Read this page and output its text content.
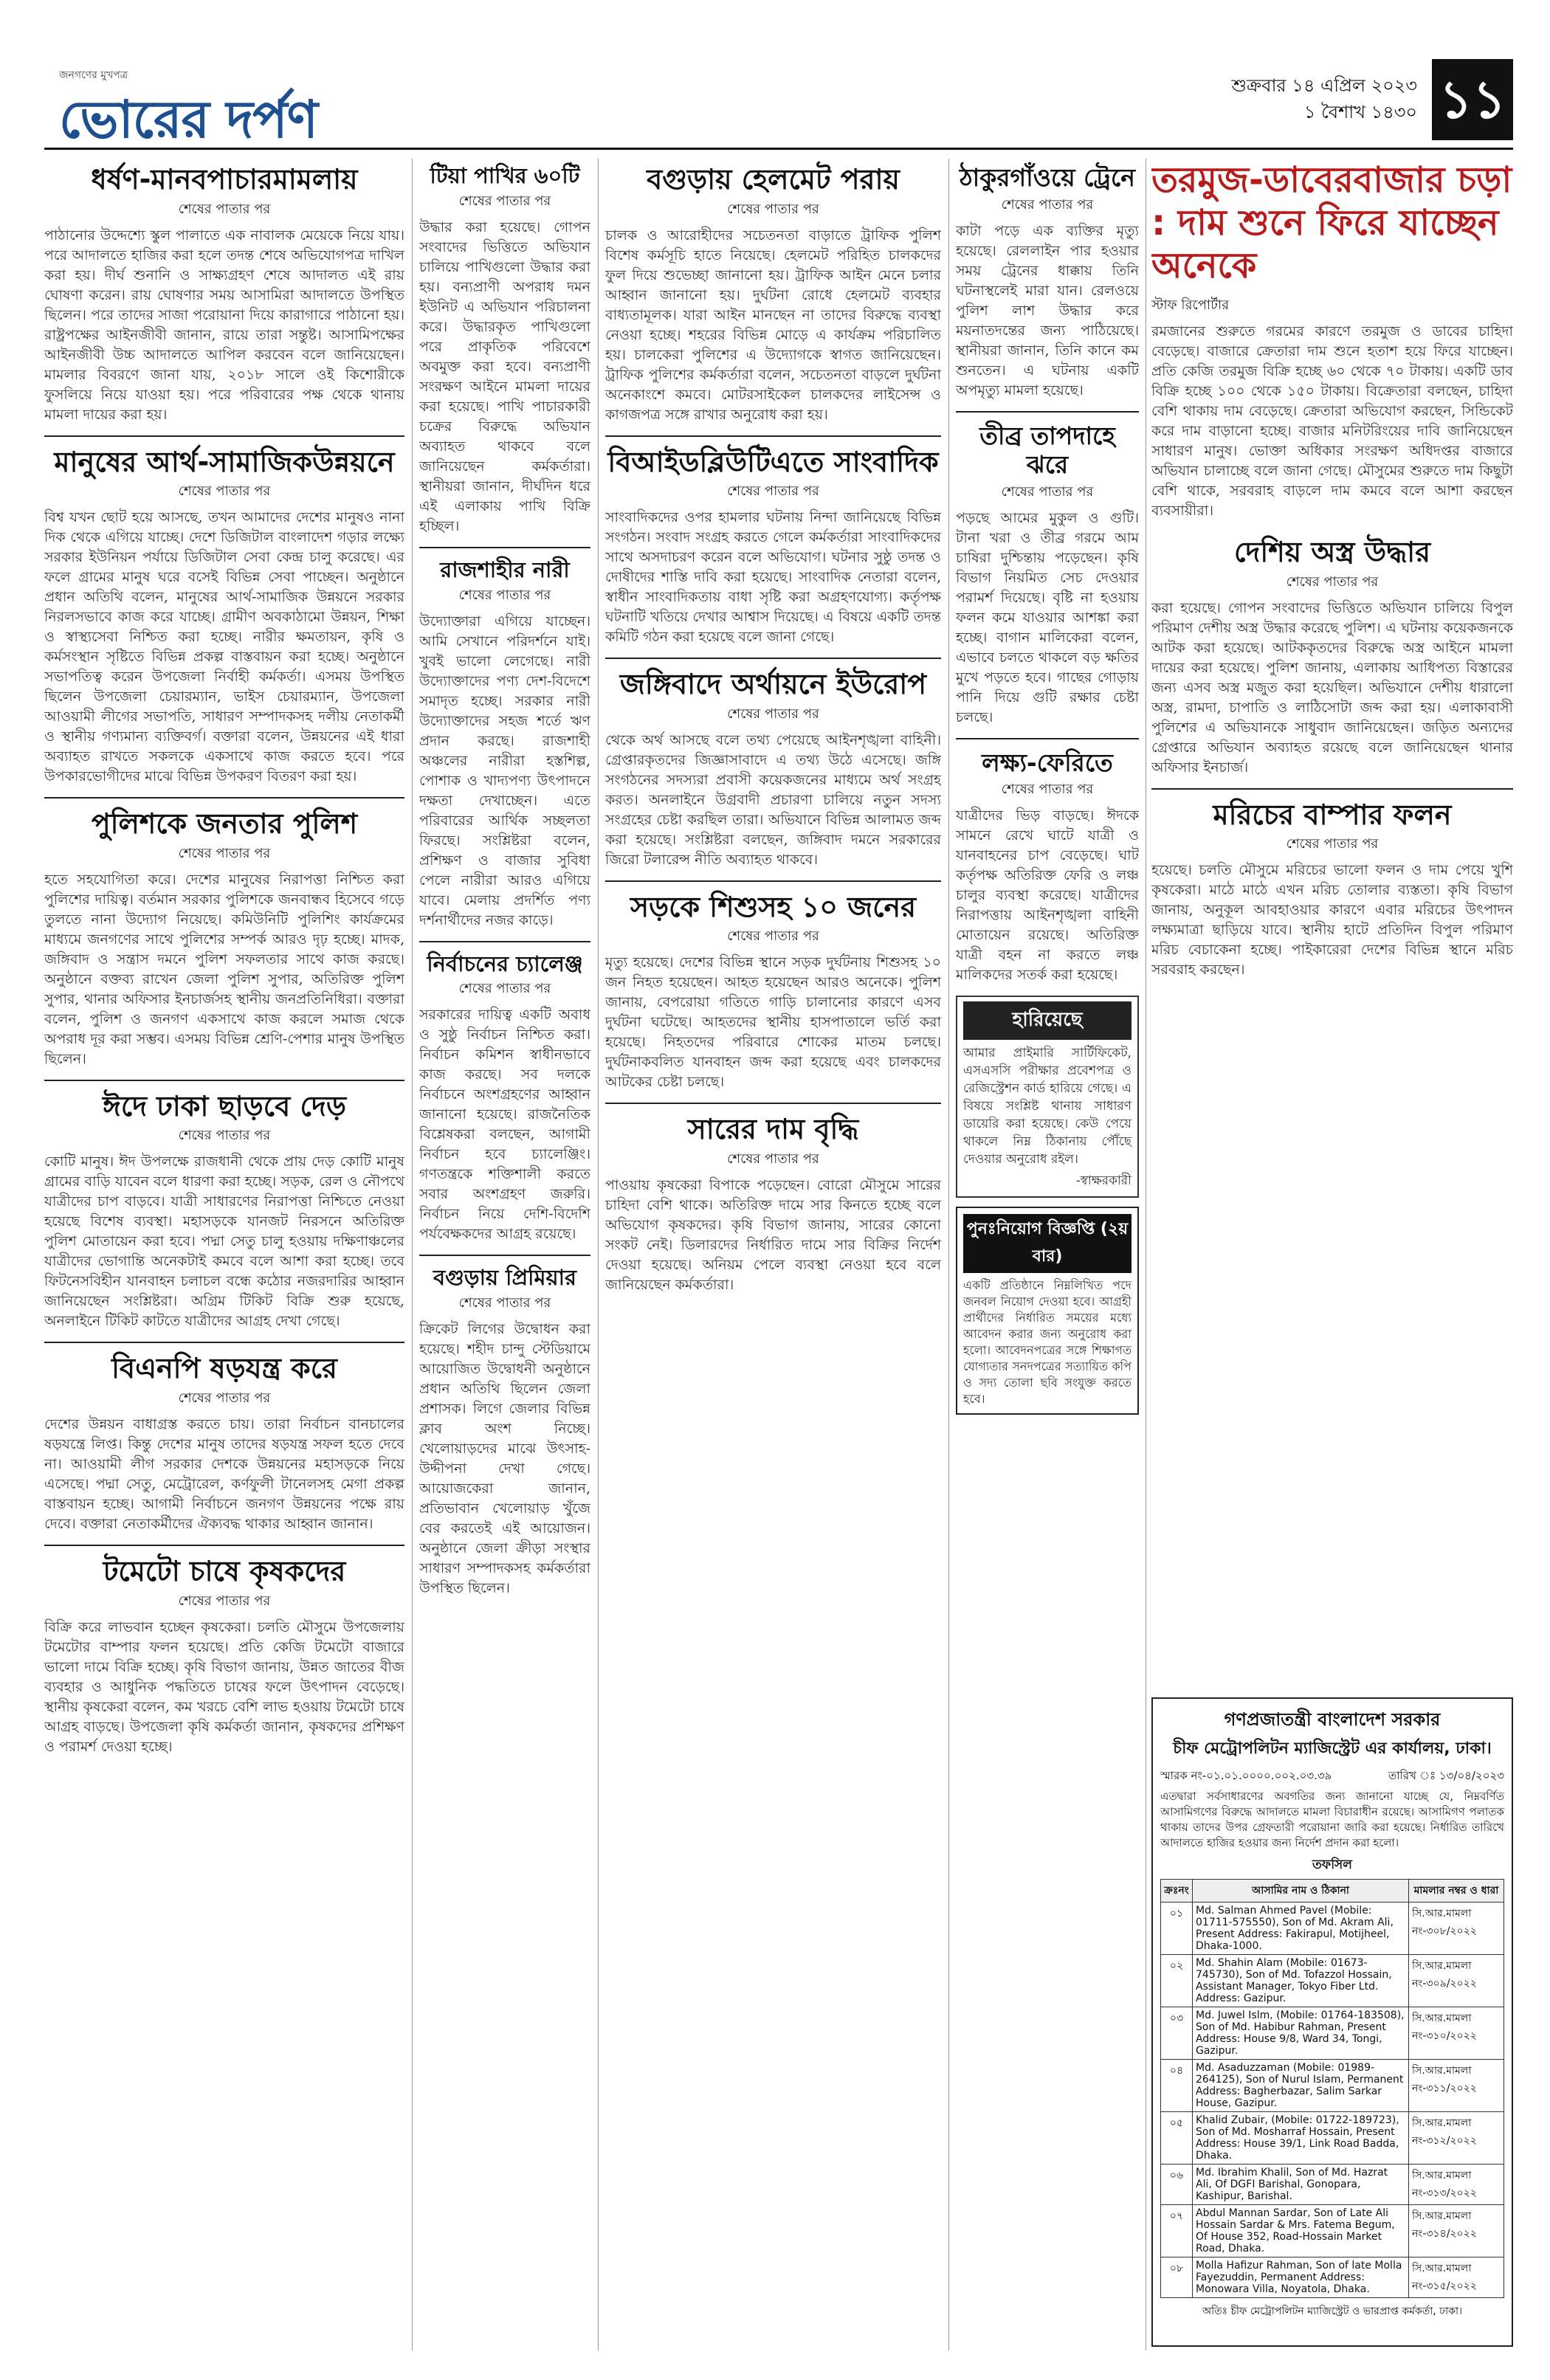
জনগণের মুখপত্র
ভোরের দর্পণ
শুক্রবার ১৪ এপ্রিল ২০২৩
১ বৈশাখ ১৪৩০ ১১
ধর্ষণ-মানবপাচারমামলায়
শেষের পাতার পর

পাঠানোর উদ্দেশ্যে স্কুল পালাতে এক নাবালক মেয়েকে নিয়ে যায়। পরে আদালতে হাজির করা হলে তদন্ত শেষে অভিযোগপত্র দাখিল করা হয়। দীর্ঘ শুনানি ও সাক্ষ্যগ্রহণ শেষে আদালত এই রায় ঘোষণা করেন। রায় ঘোষণার সময় আসামিরা আদালতে উপস্থিত ছিলেন। পরে তাদের সাজা পরোয়ানা দিয়ে কারাগারে পাঠানো হয়। রাষ্ট্রপক্ষের আইনজীবী জানান, রায়ে তারা সন্তুষ্ট। আসামিপক্ষের আইনজীবী উচ্চ আদালতে আপিল করবেন বলে জানিয়েছেন। মামলার বিবরণে জানা যায়, ২০১৮ সালে ওই কিশোরীকে ফুসলিয়ে নিয়ে যাওয়া হয়। পরে পরিবারের পক্ষ থেকে থানায় মামলা দায়ের করা হয়।

মানুষের আর্থ-সামাজিকউন্নয়নে
শেষের পাতার পর

বিশ্ব যখন ছোট হয়ে আসছে, তখন আমাদের দেশের মানুষও নানা দিক থেকে এগিয়ে যাচ্ছে। দেশে ডিজিটাল বাংলাদেশ গড়ার লক্ষ্যে সরকার ইউনিয়ন পর্যায়ে ডিজিটাল সেবা কেন্দ্র চালু করেছে। এর ফলে গ্রামের মানুষ ঘরে বসেই বিভিন্ন সেবা পাচ্ছেন। অনুষ্ঠানে প্রধান অতিথি বলেন, মানুষের আর্থ-সামাজিক উন্নয়নে সরকার নিরলসভাবে কাজ করে যাচ্ছে। গ্রামীণ অবকাঠামো উন্নয়ন, শিক্ষা ও স্বাস্থ্যসেবা নিশ্চিত করা হচ্ছে। নারীর ক্ষমতায়ন, কৃষি ও কর্মসংস্থান সৃষ্টিতে বিভিন্ন প্রকল্প বাস্তবায়ন করা হচ্ছে। অনুষ্ঠানে সভাপতিত্ব করেন উপজেলা নির্বাহী কর্মকর্তা। এসময় উপস্থিত ছিলেন উপজেলা চেয়ারম্যান, ভাইস চেয়ারম্যান, উপজেলা আওয়ামী লীগের সভাপতি, সাধারণ সম্পাদকসহ দলীয় নেতাকর্মী ও স্থানীয় গণ্যমান্য ব্যক্তিবর্গ। বক্তারা বলেন, উন্নয়নের এই ধারা অব্যাহত রাখতে সকলকে একসাথে কাজ করতে হবে। পরে উপকারভোগীদের মাঝে বিভিন্ন উপকরণ বিতরণ করা হয়।

পুলিশকে জনতার পুলিশ
শেষের পাতার পর

হতে সহযোগিতা করে। দেশের মানুষের নিরাপত্তা নিশ্চিত করা পুলিশের দায়িত্ব। বর্তমান সরকার পুলিশকে জনবান্ধব হিসেবে গড়ে তুলতে নানা উদ্যোগ নিয়েছে। কমিউনিটি পুলিশিং কার্যক্রমের মাধ্যমে জনগণের সাথে পুলিশের সম্পর্ক আরও দৃঢ় হচ্ছে। মাদক, জঙ্গিবাদ ও সন্ত্রাস দমনে পুলিশ সফলতার সাথে কাজ করছে। অনুষ্ঠানে বক্তব্য রাখেন জেলা পুলিশ সুপার, অতিরিক্ত পুলিশ সুপার, থানার অফিসার ইনচার্জসহ স্থানীয় জনপ্রতিনিধিরা। বক্তারা বলেন, পুলিশ ও জনগণ একসাথে কাজ করলে সমাজ থেকে অপরাধ দূর করা সম্ভব। এসময় বিভিন্ন শ্রেণি-পেশার মানুষ উপস্থিত ছিলেন।

ঈদে ঢাকা ছাড়বে দেড়
শেষের পাতার পর

কোটি মানুষ। ঈদ উপলক্ষে রাজধানী থেকে প্রায় দেড় কোটি মানুষ গ্রামের বাড়ি যাবেন বলে ধারণা করা হচ্ছে। সড়ক, রেল ও নৌপথে যাত্রীদের চাপ বাড়বে। যাত্রী সাধারণের নিরাপত্তা নিশ্চিতে নেওয়া হয়েছে বিশেষ ব্যবস্থা। মহাসড়কে যানজট নিরসনে অতিরিক্ত পুলিশ মোতায়েন করা হবে। পদ্মা সেতু চালু হওয়ায় দক্ষিণাঞ্চলের যাত্রীদের ভোগান্তি অনেকটাই কমবে বলে আশা করা হচ্ছে। তবে ফিটনেসবিহীন যানবাহন চলাচল বন্ধে কঠোর নজরদারির আহ্বান জানিয়েছেন সংশ্লিষ্টরা। অগ্রিম টিকিট বিক্রি শুরু হয়েছে, অনলাইনে টিকিট কাটতে যাত্রীদের আগ্রহ দেখা গেছে।

বিএনপি ষড়যন্ত্র করে
শেষের পাতার পর

দেশের উন্নয়ন বাধাগ্রস্ত করতে চায়। তারা নির্বাচন বানচালের ষড়যন্ত্রে লিপ্ত। কিন্তু দেশের মানুষ তাদের ষড়যন্ত্র সফল হতে দেবে না। আওয়ামী লীগ সরকার দেশকে উন্নয়নের মহাসড়কে নিয়ে এসেছে। পদ্মা সেতু, মেট্রোরেল, কর্ণফুলী টানেলসহ মেগা প্রকল্প বাস্তবায়ন হচ্ছে। আগামী নির্বাচনে জনগণ উন্নয়নের পক্ষে রায় দেবে। বক্তারা নেতাকর্মীদের ঐক্যবদ্ধ থাকার আহ্বান জানান।

টমেটো চাষে কৃষকদের
শেষের পাতার পর

বিক্রি করে লাভবান হচ্ছেন কৃষকেরা। চলতি মৌসুমে উপজেলায় টমেটোর বাম্পার ফলন হয়েছে। প্রতি কেজি টমেটো বাজারে ভালো দামে বিক্রি হচ্ছে। কৃষি বিভাগ জানায়, উন্নত জাতের বীজ ব্যবহার ও আধুনিক পদ্ধতিতে চাষের ফলে উৎপাদন বেড়েছে। স্থানীয় কৃষকেরা বলেন, কম খরচে বেশি লাভ হওয়ায় টমেটো চাষে আগ্রহ বাড়ছে। উপজেলা কৃষি কর্মকর্তা জানান, কৃষকদের প্রশিক্ষণ ও পরামর্শ দেওয়া হচ্ছে।

টিয়া পাখির ৬০টি
শেষের পাতার পর

উদ্ধার করা হয়েছে। গোপন সংবাদের ভিত্তিতে অভিযান চালিয়ে পাখিগুলো উদ্ধার করা হয়। বন্যপ্রাণী অপরাধ দমন ইউনিট এ অভিযান পরিচালনা করে। উদ্ধারকৃত পাখিগুলো পরে প্রাকৃতিক পরিবেশে অবমুক্ত করা হবে। বন্যপ্রাণী সংরক্ষণ আইনে মামলা দায়ের করা হয়েছে। পাখি পাচারকারী চক্রের বিরুদ্ধে অভিযান অব্যাহত থাকবে বলে জানিয়েছেন কর্মকর্তারা। স্থানীয়রা জানান, দীর্ঘদিন ধরে এই এলাকায় পাখি বিক্রি হচ্ছিল।

রাজশাহীর নারী
শেষের পাতার পর

উদ্যোক্তারা এগিয়ে যাচ্ছেন। আমি সেখানে পরিদর্শনে যাই। খুবই ভালো লেগেছে। নারী উদ্যোক্তাদের পণ্য দেশ-বিদেশে সমাদৃত হচ্ছে। সরকার নারী উদ্যোক্তাদের সহজ শর্তে ঋণ প্রদান করছে। রাজশাহী অঞ্চলের নারীরা হস্তশিল্প, পোশাক ও খাদ্যপণ্য উৎপাদনে দক্ষতা দেখাচ্ছেন। এতে পরিবারের আর্থিক সচ্ছলতা ফিরছে। সংশ্লিষ্টরা বলেন, প্রশিক্ষণ ও বাজার সুবিধা পেলে নারীরা আরও এগিয়ে যাবে। মেলায় প্রদর্শিত পণ্য দর্শনার্থীদের নজর কাড়ে।

নির্বাচনের চ্যালেঞ্জ
শেষের পাতার পর

সরকারের দায়িত্ব একটি অবাধ ও সুষ্ঠু নির্বাচন নিশ্চিত করা। নির্বাচন কমিশন স্বাধীনভাবে কাজ করছে। সব দলকে নির্বাচনে অংশগ্রহণের আহ্বান জানানো হয়েছে। রাজনৈতিক বিশ্লেষকরা বলছেন, আগামী নির্বাচন হবে চ্যালেঞ্জিং। গণতন্ত্রকে শক্তিশালী করতে সবার অংশগ্রহণ জরুরি। নির্বাচন নিয়ে দেশি-বিদেশি পর্যবেক্ষকদের আগ্রহ রয়েছে।

বগুড়ায় প্রিমিয়ার
শেষের পাতার পর

ক্রিকেট লিগের উদ্বোধন করা হয়েছে। শহীদ চান্দু স্টেডিয়ামে আয়োজিত উদ্বোধনী অনুষ্ঠানে প্রধান অতিথি ছিলেন জেলা প্রশাসক। লিগে জেলার বিভিন্ন ক্লাব অংশ নিচ্ছে। খেলোয়াড়দের মাঝে উৎসাহ-উদ্দীপনা দেখা গেছে। আয়োজকেরা জানান, প্রতিভাবান খেলোয়াড় খুঁজে বের করতেই এই আয়োজন। অনুষ্ঠানে জেলা ক্রীড়া সংস্থার সাধারণ সম্পাদকসহ কর্মকর্তারা উপস্থিত ছিলেন।

বগুড়ায় হেলমেট পরায়
শেষের পাতার পর

চালক ও আরোহীদের সচেতনতা বাড়াতে ট্রাফিক পুলিশ বিশেষ কর্মসূচি হাতে নিয়েছে। হেলমেট পরিহিত চালকদের ফুল দিয়ে শুভেচ্ছা জানানো হয়। ট্রাফিক আইন মেনে চলার আহ্বান জানানো হয়। দুর্ঘটনা রোধে হেলমেট ব্যবহার বাধ্যতামূলক। যারা আইন মানছেন না তাদের বিরুদ্ধে ব্যবস্থা নেওয়া হচ্ছে। শহরের বিভিন্ন মোড়ে এ কার্যক্রম পরিচালিত হয়। চালকেরা পুলিশের এ উদ্যোগকে স্বাগত জানিয়েছেন। ট্রাফিক পুলিশের কর্মকর্তারা বলেন, সচেতনতা বাড়লে দুর্ঘটনা অনেকাংশে কমবে। মোটরসাইকেল চালকদের লাইসেন্স ও কাগজপত্র সঙ্গে রাখার অনুরোধ করা হয়।

বিআইডব্লিউটিএতে সাংবাদিক
শেষের পাতার পর

সাংবাদিকদের ওপর হামলার ঘটনায় নিন্দা জানিয়েছে বিভিন্ন সংগঠন। সংবাদ সংগ্রহ করতে গেলে কর্মকর্তারা সাংবাদিকদের সাথে অসদাচরণ করেন বলে অভিযোগ। ঘটনার সুষ্ঠু তদন্ত ও দোষীদের শাস্তি দাবি করা হয়েছে। সাংবাদিক নেতারা বলেন, স্বাধীন সাংবাদিকতায় বাধা সৃষ্টি করা অগ্রহণযোগ্য। কর্তৃপক্ষ ঘটনাটি খতিয়ে দেখার আশ্বাস দিয়েছে। এ বিষয়ে একটি তদন্ত কমিটি গঠন করা হয়েছে বলে জানা গেছে।

জঙ্গিবাদে অর্থায়নে ইউরোপ
শেষের পাতার পর

থেকে অর্থ আসছে বলে তথ্য পেয়েছে আইনশৃঙ্খলা বাহিনী। গ্রেপ্তারকৃতদের জিজ্ঞাসাবাদে এ তথ্য উঠে এসেছে। জঙ্গি সংগঠনের সদস্যরা প্রবাসী কয়েকজনের মাধ্যমে অর্থ সংগ্রহ করত। অনলাইনে উগ্রবাদী প্রচারণা চালিয়ে নতুন সদস্য সংগ্রহের চেষ্টা করছিল তারা। অভিযানে বিভিন্ন আলামত জব্দ করা হয়েছে। সংশ্লিষ্টরা বলছেন, জঙ্গিবাদ দমনে সরকারের জিরো টলারেন্স নীতি অব্যাহত থাকবে।

সড়কে শিশুসহ ১০ জনের
শেষের পাতার পর

মৃত্যু হয়েছে। দেশের বিভিন্ন স্থানে সড়ক দুর্ঘটনায় শিশুসহ ১০ জন নিহত হয়েছেন। আহত হয়েছেন আরও অনেকে। পুলিশ জানায়, বেপরোয়া গতিতে গাড়ি চালানোর কারণে এসব দুর্ঘটনা ঘটেছে। আহতদের স্থানীয় হাসপাতালে ভর্তি করা হয়েছে। নিহতদের পরিবারে শোকের মাতম চলছে। দুর্ঘটনাকবলিত যানবাহন জব্দ করা হয়েছে এবং চালকদের আটকের চেষ্টা চলছে।

সারের দাম বৃদ্ধি
শেষের পাতার পর

পাওয়ায় কৃষকেরা বিপাকে পড়েছেন। বোরো মৌসুমে সারের চাহিদা বেশি থাকে। অতিরিক্ত দামে সার কিনতে হচ্ছে বলে অভিযোগ কৃষকদের। কৃষি বিভাগ জানায়, সারের কোনো সংকট নেই। ডিলারদের নির্ধারিত দামে সার বিক্রির নির্দেশ দেওয়া হয়েছে। অনিয়ম পেলে ব্যবস্থা নেওয়া হবে বলে জানিয়েছেন কর্মকর্তারা।

ঠাকুরগাঁওয়ে ট্রেনে
শেষের পাতার পর

কাটা পড়ে এক ব্যক্তির মৃত্যু হয়েছে। রেললাইন পার হওয়ার সময় ট্রেনের ধাক্কায় তিনি ঘটনাস্থলেই মারা যান। রেলওয়ে পুলিশ লাশ উদ্ধার করে ময়নাতদন্তের জন্য পাঠিয়েছে। স্থানীয়রা জানান, তিনি কানে কম শুনতেন। এ ঘটনায় একটি অপমৃত্যু মামলা হয়েছে।

তীব্র তাপদাহে ঝরে
শেষের পাতার পর

পড়ছে আমের মুকুল ও গুটি। টানা খরা ও তীব্র গরমে আম চাষিরা দুশ্চিন্তায় পড়েছেন। কৃষি বিভাগ নিয়মিত সেচ দেওয়ার পরামর্শ দিয়েছে। বৃষ্টি না হওয়ায় ফলন কমে যাওয়ার আশঙ্কা করা হচ্ছে। বাগান মালিকেরা বলেন, এভাবে চলতে থাকলে বড় ক্ষতির মুখে পড়তে হবে। গাছের গোড়ায় পানি দিয়ে গুটি রক্ষার চেষ্টা চলছে।

লক্ষ্য-ফেরিতে
শেষের পাতার পর

যাত্রীদের ভিড় বাড়ছে। ঈদকে সামনে রেখে ঘাটে যাত্রী ও যানবাহনের চাপ বেড়েছে। ঘাট কর্তৃপক্ষ অতিরিক্ত ফেরি ও লঞ্চ চালুর ব্যবস্থা করেছে। যাত্রীদের নিরাপত্তায় আইনশৃঙ্খলা বাহিনী মোতায়েন রয়েছে। অতিরিক্ত যাত্রী বহন না করতে লঞ্চ মালিকদের সতর্ক করা হয়েছে।

হারিয়েছে

আমার প্রাইমারি সার্টিফিকেট, এসএসসি পরীক্ষার প্রবেশপত্র ও রেজিস্ট্রেশন কার্ড হারিয়ে গেছে। এ বিষয়ে সংশ্লিষ্ট থানায় সাধারণ ডায়েরি করা হয়েছে। কেউ পেয়ে থাকলে নিম্ন ঠিকানায় পৌঁছে দেওয়ার অনুরোধ রইল।

-স্বাক্ষরকারী
পুনঃনিয়োগ বিজ্ঞপ্তি (২য় বার)

একটি প্রতিষ্ঠানে নিম্নলিখিত পদে জনবল নিয়োগ দেওয়া হবে। আগ্রহী প্রার্থীদের নির্ধারিত সময়ের মধ্যে আবেদন করার জন্য অনুরোধ করা হলো। আবেদনপত্রের সঙ্গে শিক্ষাগত যোগ্যতার সনদপত্রের সত্যায়িত কপি ও সদ্য তোলা ছবি সংযুক্ত করতে হবে।

তরমুজ-ডাবেরবাজার চড়া : দাম শুনে ফিরে যাচ্ছেন অনেকে
স্টাফ রিপোর্টার

রমজানের শুরুতে গরমের কারণে তরমুজ ও ডাবের চাহিদা বেড়েছে। বাজারে ক্রেতারা দাম শুনে হতাশ হয়ে ফিরে যাচ্ছেন। প্রতি কেজি তরমুজ বিক্রি হচ্ছে ৬০ থেকে ৭০ টাকায়। একটি ডাব বিক্রি হচ্ছে ১০০ থেকে ১৫০ টাকায়। বিক্রেতারা বলছেন, চাহিদা বেশি থাকায় দাম বেড়েছে। ক্রেতারা অভিযোগ করছেন, সিন্ডিকেট করে দাম বাড়ানো হচ্ছে। বাজার মনিটরিংয়ের দাবি জানিয়েছেন সাধারণ মানুষ। ভোক্তা অধিকার সংরক্ষণ অধিদপ্তর বাজারে অভিযান চালাচ্ছে বলে জানা গেছে। মৌসুমের শুরুতে দাম কিছুটা বেশি থাকে, সরবরাহ বাড়লে দাম কমবে বলে আশা করছেন ব্যবসায়ীরা।

দেশিয় অস্ত্র উদ্ধার
শেষের পাতার পর

করা হয়েছে। গোপন সংবাদের ভিত্তিতে অভিযান চালিয়ে বিপুল পরিমাণ দেশীয় অস্ত্র উদ্ধার করেছে পুলিশ। এ ঘটনায় কয়েকজনকে আটক করা হয়েছে। আটককৃতদের বিরুদ্ধে অস্ত্র আইনে মামলা দায়ের করা হয়েছে। পুলিশ জানায়, এলাকায় আধিপত্য বিস্তারের জন্য এসব অস্ত্র মজুত করা হয়েছিল। অভিযানে দেশীয় ধারালো অস্ত্র, রামদা, চাপাতি ও লাঠিসোটা জব্দ করা হয়। এলাকাবাসী পুলিশের এ অভিযানকে সাধুবাদ জানিয়েছেন। জড়িত অন্যদের গ্রেপ্তারে অভিযান অব্যাহত রয়েছে বলে জানিয়েছেন থানার অফিসার ইনচার্জ।

মরিচের বাম্পার ফলন
শেষের পাতার পর

হয়েছে। চলতি মৌসুমে মরিচের ভালো ফলন ও দাম পেয়ে খুশি কৃষকেরা। মাঠে মাঠে এখন মরিচ তোলার ব্যস্ততা। কৃষি বিভাগ জানায়, অনুকূল আবহাওয়ার কারণে এবার মরিচের উৎপাদন লক্ষ্যমাত্রা ছাড়িয়ে যাবে। স্থানীয় হাটে প্রতিদিন বিপুল পরিমাণ মরিচ বেচাকেনা হচ্ছে। পাইকারেরা দেশের বিভিন্ন স্থানে মরিচ সরবরাহ করছেন।

গণপ্রজাতন্ত্রী বাংলাদেশ সরকার
চীফ মেট্রোপলিটন ম্যাজিস্ট্রেট এর কার্যালয়, ঢাকা।
স্মারক নং-০১.০১.০০০০.০০২.০৩.৩৯	তারিখ ঃ ১৩/০৪/২০২৩
এতদ্বারা সর্বসাধারণের অবগতির জন্য জানানো যাচ্ছে যে, নিম্নবর্ণিত আসামিগণের বিরুদ্ধে আদালতে মামলা বিচারাধীন রয়েছে। আসামিগণ পলাতক থাকায় তাদের উপর গ্রেফতারী পরোয়ানা জারি করা হয়েছে। নির্ধারিত তারিখে আদালতে হাজির হওয়ার জন্য নির্দেশ প্রদান করা হলো।
তফসিল
ক্রঃনং	আসামির নাম ও ঠিকানা	মামলার নম্বর ও ধারা
০১	Md. Salman Ahmed Pavel (Mobile: 01711-575550), Son of Md. Akram Ali, Present Address: Fakirapul, Motijheel, Dhaka-1000.	সি.আর.মামলা নং-৩০৮/২০২২
০২	Md. Shahin Alam (Mobile: 01673-745730), Son of Md. Tofazzol Hossain, Assistant Manager, Tokyo Fiber Ltd. Address: Gazipur.	সি.আর.মামলা নং-৩০৯/২০২২
০৩	Md. Juwel Islm, (Mobile: 01764-183508), Son of Md. Habibur Rahman, Present Address: House 9/8, Ward 34, Tongi, Gazipur.	সি.আর.মামলা নং-৩১০/২০২২
০৪	Md. Asaduzzaman (Mobile: 01989-264125), Son of Nurul Islam, Permanent Address: Bagherbazar, Salim Sarkar House, Gazipur.	সি.আর.মামলা নং-৩১১/২০২২
০৫	Khalid Zubair, (Mobile: 01722-189723), Son of Md. Mosharraf Hossain, Present Address: House 39/1, Link Road Badda, Dhaka.	সি.আর.মামলা নং-৩১২/২০২২
০৬	Md. Ibrahim Khalil, Son of Md. Hazrat Ali, Of DGFI Barishal, Gonopara, Kashipur, Barishal.	সি.আর.মামলা নং-৩১৩/২০২২
০৭	Abdul Mannan Sardar, Son of Late Ali Hossain Sardar & Mrs. Fatema Begum, Of House 352, Road-Hossain Market Road, Dhaka.	সি.আর.মামলা নং-৩১৪/২০২২
০৮	Molla Hafizur Rahman, Son of late Molla Fayezuddin, Permanent Address: Monowara Villa, Noyatola, Dhaka.	সি.আর.মামলা নং-৩১৫/২০২২
অতিঃ চীফ মেট্রোপলিটন ম্যাজিস্ট্রেট ও ভারপ্রাপ্ত কর্মকর্তা, ঢাকা।
